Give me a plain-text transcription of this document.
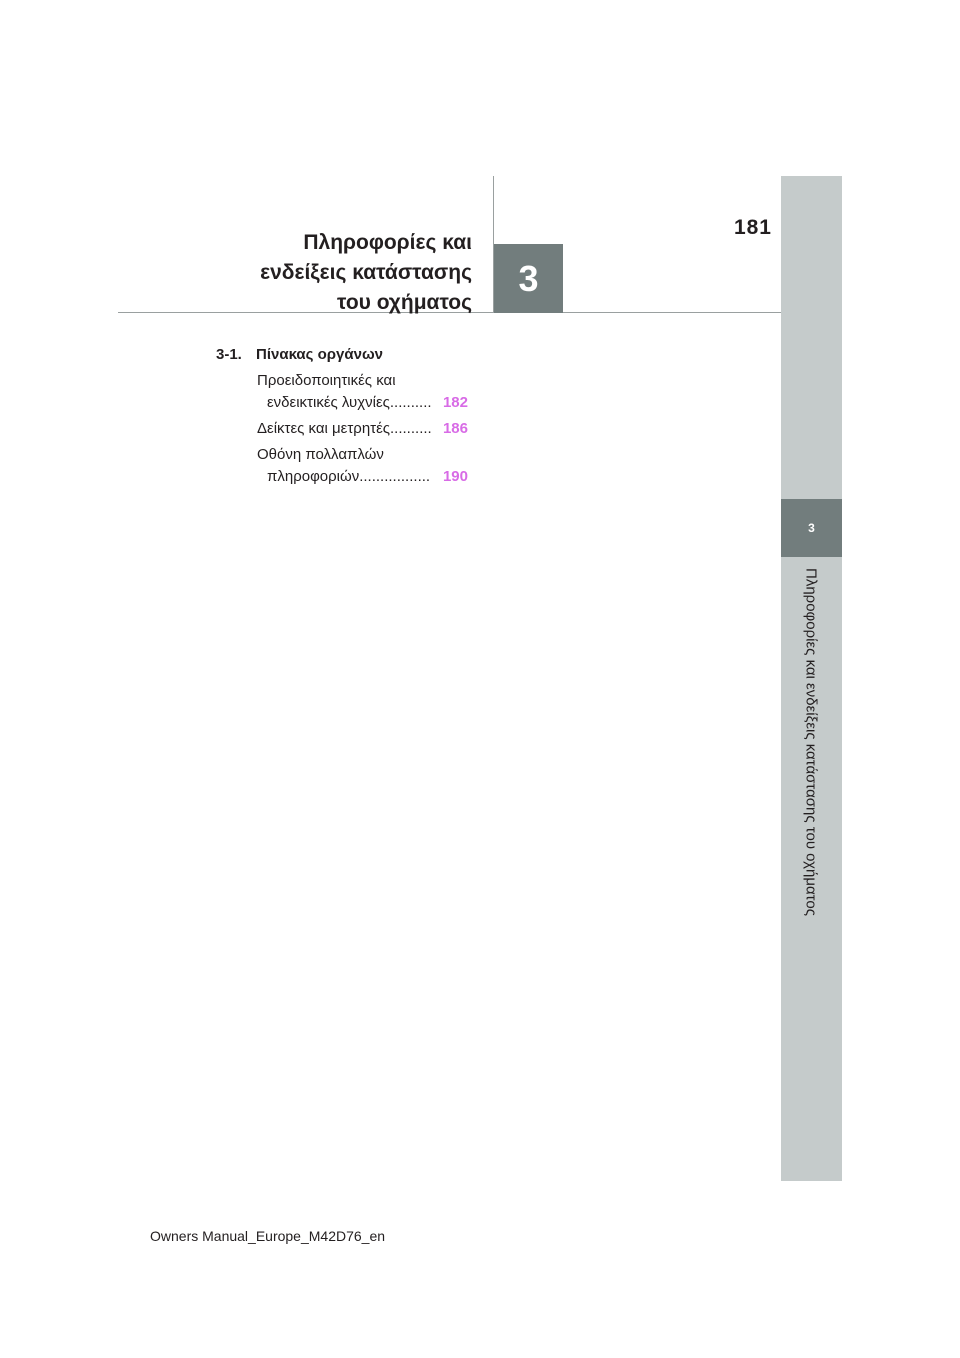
181
Πληροφορίες και
ενδείξεις κατάστασης
του οχήματος
3
3
Πληροφορίες και ενδείξεις κατάστασης του οχήματος
3-1. Πίνακας οργάνων
Προειδοποιητικές και
ενδεικτικές λυχνίες .......... 182
Δείκτες και μετρητές .......... 186
Οθόνη πολλαπλών
πληροφοριών ................. 190
Owners Manual_Europe_M42D76_en
